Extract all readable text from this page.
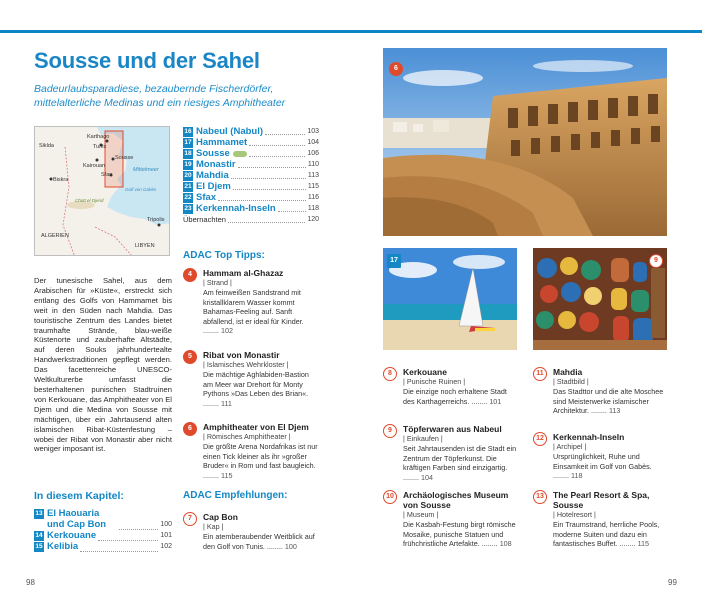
Sousse und der Sahel

Badeurlaubsparadiese, bezaubernde Fischerdörfer, mittelalterliche Medinas und ein riesiges Amphitheater

Karthago
Tunis
Siklda
Kairouan
Sousse
Sfax
Biskra
Mittelmeer
Golf von Gabès
Chott el Djerid
Tripolis
ALGERIEN
LIBYEN
16 Nabeul (Nabul)	103
17 Hammamet	104
18 Sousse	106
19 Monastir	110
20 Mahdia	113
21 El Djem	115
22 Sfax	116
23 Kerkennah-Inseln	118
Übernachten	120
ADAC Top Tipps:

Der tunesische Sahel, aus dem Arabischen für »Küste«, erstreckt sich entlang des Golfs von Hammamet bis weit in den Süden nach Mahdia. Das touristische Zentrum des Landes bietet traumhafte Strände, blau-weiße Küstenorte und zauberhafte Altstädte, auf deren Souks jahrhundertealte Handwerkstraditionen gepflegt werden. Das facettenreiche UNESCO-Weltkulturerbe umfasst die besterhaltenen punischen Stadtruinen von Kerkouane, das Amphitheater von El Djem und die Medina von Sousse mit mächtigen, über ein Jahrtausend alten islamischen Ribat-Küstenfestung – wobei der Ribat von Monastir aber nicht weniger imposant ist.

In diesem Kapitel:
13 El Haouaria und Cap Bon	100
14 Kerkouane	101
15 Kelibia	102
4	Hammam al-Ghazaz
| Strand |
Am feinweißen Sandstrand mit kristallklarem Wasser kommt Bahamas-Feeling auf. Sanft abfallend, ist er ideal für Kinder. ........ 102
5	Ribat von Monastir
| Islamisches Wehrkloster |
Die mächtige Aghlabiden-Bastion am Meer war Drehort für Monty Pythons »Das Leben des Brian«. ........ 111
6	Amphitheater von El Djem
| Römisches Amphitheater |
Die größte Arena Nordafrikas ist nur einen Tick kleiner als ihr »großer Bruder« in Rom und fast baugleich. ........ 115
ADAC Empfehlungen:
7	Cap Bon
| Kap |
Ein atemberaubender Weitblick auf den Golf von Tunis. ........ 100
8	Kerkouane
| Punische Ruinen |
Die einzige noch erhaltene Stadt des Karthagerreichs. ........ 101
9	Töpferwaren aus Nabeul
| Einkaufen |
Seit Jahrtausenden ist die Stadt ein Zentrum der Töpferkunst. Die kräftigen Farben sind einzigartig. ........ 104
10	Archäologisches Museum von Sousse
| Museum |
Die Kasbah-Festung birgt römische Mosaike, punische Statuen und frühchristliche Artefakte. ........ 108
11	Mahdia
| Stadtbild |
Das Stadttor und die alte Moschee sind Meisterwerke islamischer Architektur. ........ 113
12	Kerkennah-Inseln
| Archipel |
Ursprünglichkeit, Ruhe und Einsamkeit im Golf von Gabès. ........ 118
13	The Pearl Resort & Spa, Sousse
| Hotelresort |
Ein Traumstrand, herrliche Pools, moderne Suiten und dazu ein fantastisches Buffet. ........ 115
6
17	9
98	99
